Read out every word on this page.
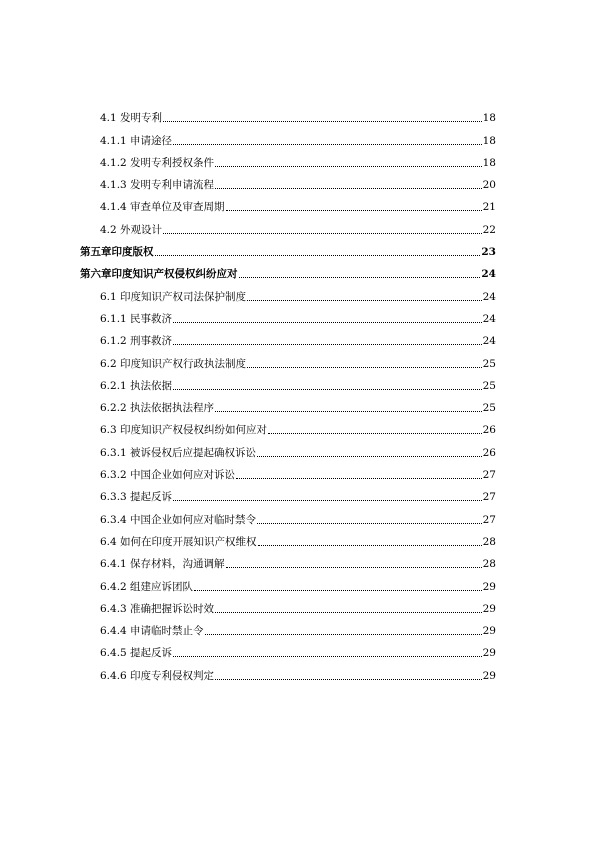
4.1 发明专利	18
4.1.1 申请途径	18
4.1.2 发明专利授权条件	18
4.1.3 发明专利申请流程	20
4.1.4 审查单位及审查周期	21
4.2 外观设计	22
第五章印度版权	23
第六章印度知识产权侵权纠纷应对	24
6.1 印度知识产权司法保护制度	24
6.1.1 民事救济	24
6.1.2 刑事救济	24
6.2 印度知识产权行政执法制度	25
6.2.1 执法依据	25
6.2.2 执法依据执法程序	25
6.3 印度知识产权侵权纠纷如何应对	26
6.3.1 被诉侵权后应提起确权诉讼	26
6.3.2 中国企业如何应对诉讼	27
6.3.3 提起反诉	27
6.3.4 中国企业如何应对临时禁令	27
6.4 如何在印度开展知识产权维权	28
6.4.1 保存材料，沟通调解	28
6.4.2 组建应诉团队	29
6.4.3 准确把握诉讼时效	29
6.4.4 申请临时禁止令	29
6.4.5 提起反诉	29
6.4.6 印度专利侵权判定	29
